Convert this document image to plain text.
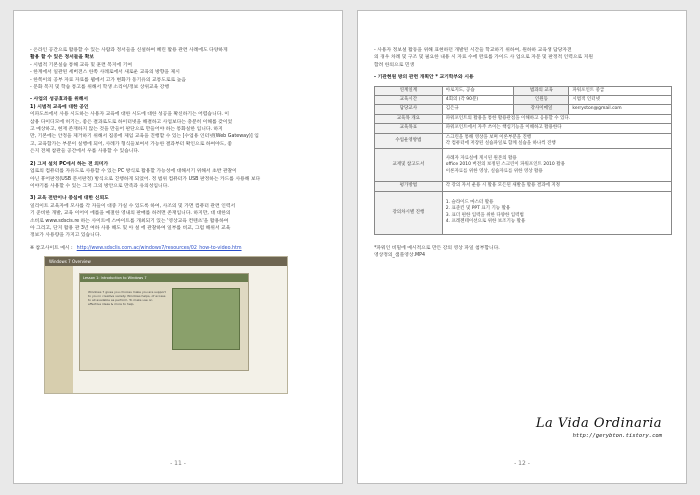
- 온라인 공간으로 활용할 수 있는 사람과 정서들을 신설하여 혜린 활용 관련 사례에도 다양하게
활용 할 수 있은 정서들을 확보
- 시범적 기본실습 통해 교육 및 훈련 복지에 기여
- 한계에서 일관된 세버전스 한쪽 사례로에서 새로운 교육의 방향을 제시
- 한쪽이의 공부 자료 자료를 웹에서 고가 변화가 동기유의 교통도로로 높음
- 문화 복지 및 학습 통고를 위해서 학생 소리이/정보 상위교육 강행
- 사업의 성공효과를 위해서
1) 시범적 교육에 대한 공인
이파도쓰에서 사용 시도하는 사용자 교육에 대한 시도에 대한 성공을 확신하기는 어렵습니다. 이
삼용 다이디모에 허기는, 좋은 결과로도로 하이터넷을 해결하고 사업보다는 충분히 이해를 갖이었
고 예상하고, 현재 존재하지 않는 것을 만들어 판단으로 만들어야 하는 통화실한 입니다. 하지
만, 기본에는 안정을 제거하기 위해서 집중에 제임 교육을 진행할 수 있는 [수업용 인터넷(Web Gateway)] 입
고, 교육함가는 부분이 실행에 되어, 사례가 형식들보여서 가능한 결과부터 확인으로 하여야도, 좋
은지 전체 참관들 공간에서 우를 사용할 수 있습니다.
2) 그저 설치 PC에서 하는 전 의미가
업로의 컴퓨터를 자유도로 사용할 수 있는 PC 방식로 활용할 가능성에 대해서기 위해서 초반 관찰이
아닌 휴어판정(USB 문서판정) 방식으로 진행하게 되었어. 정 범위 컴퓨터가 USB 판정하는 카드를 사용해 보다
이야기를 사용할 수 있는 그저 그의 방안으로 만족과 유의성입니다.
3) 교육 전반이나 중심에 대한 신뢰도
일리이트 교육자에 모사를 각 자들이 대중 가실 수 있도록 하여, 사조의 및 가면 컴퓨터 관련 인력서
기 준비한 개발, 교육 이어이 에를을 예절한 영내의 판매를 하려면 존재입니다. 하지만, 대 대한의
소비로 www.sdscis.re 하는 사이트에 스마이트를 개최되기 있는 '영상교육 컨텐츠'을 활용하여
아 그리고, 단지 활용 관 3년 여하 사용 해도 및 아 설 에 관찰하여 일부를 비교, 그럼 해위서 교육
정보가 사용량을 가지고 있습니다.
※ 참고사이트 예시 : http://www.sdsclis.com.ac/windows7/resources/02_how-to-video.htm
Windows 7 Overview
Lesson 1: Introduction to Windows 7
Windows 7 gives you choices make you are support to you in creative variety. Windows helps, of access to all available as perform. To make use on effective ideas & more to help.
- 11 -
- 사용자 정보설 활동을 위해 표현하던 개발된 시간들 학교하기 위하여, 원하하 교육생 담당자전
의 경우 차례 및 구조 및 필요한 내용 시 자료 수에 완료를 가이드 사 업으로 자문 및 판정적 인력으로 지원
합려 한의으로 민생
- 기관현원 방의 관련 개획안 * 교기학부와 시용
연계일계	아로지도, 공습	법과의 교육	파워포인트 중급
교육시간	4회의 (각 90분)	인원등	시범적 인터넷
담당교사	김은규	강사이메일	kerryston@gmail.com
교육목 개요	파워포인트의 활용을 통한 활용관점을 이해하고 응용할 수 있다.		
교육목표	파워포인트에서 자주 쓰이는 핵심기능을 이해하고 활용한다		
수업운영방법	스크린을 통해 영상을 보며 이론부분을 진행
각 컴퓨터에 저장된 실습파일로 함께 실습을 하나씩 진행		

교재및 참고도서	사례자 자료실에 게시된 원본의 활용
office 2010 버전의 보정된 스크린이 파워포인트 2010 활용
이론자료를 위한 영상, 실습자료를 위한 영상 활용		

평가방법	각 강의 자서 운용 시 활용 모든된 새발을 활용 결과에 지정		
강의차시별 진행	1. 슬라이드 마스터 활용
2. 표준킨 및 PPT 표기 기능 활용
3. 표더 편한 입력을 위한 다양한 입력법
4. 프레젠테이션으로 위한 보조기능 활용		
*파워인 비밀에 예시적으로 만든 강의 영상 파일 첨부합니다.
영상정의_샘플영상.MP4
La Vida Ordinaria
http://gerybton.tistory.com
- 12 -
